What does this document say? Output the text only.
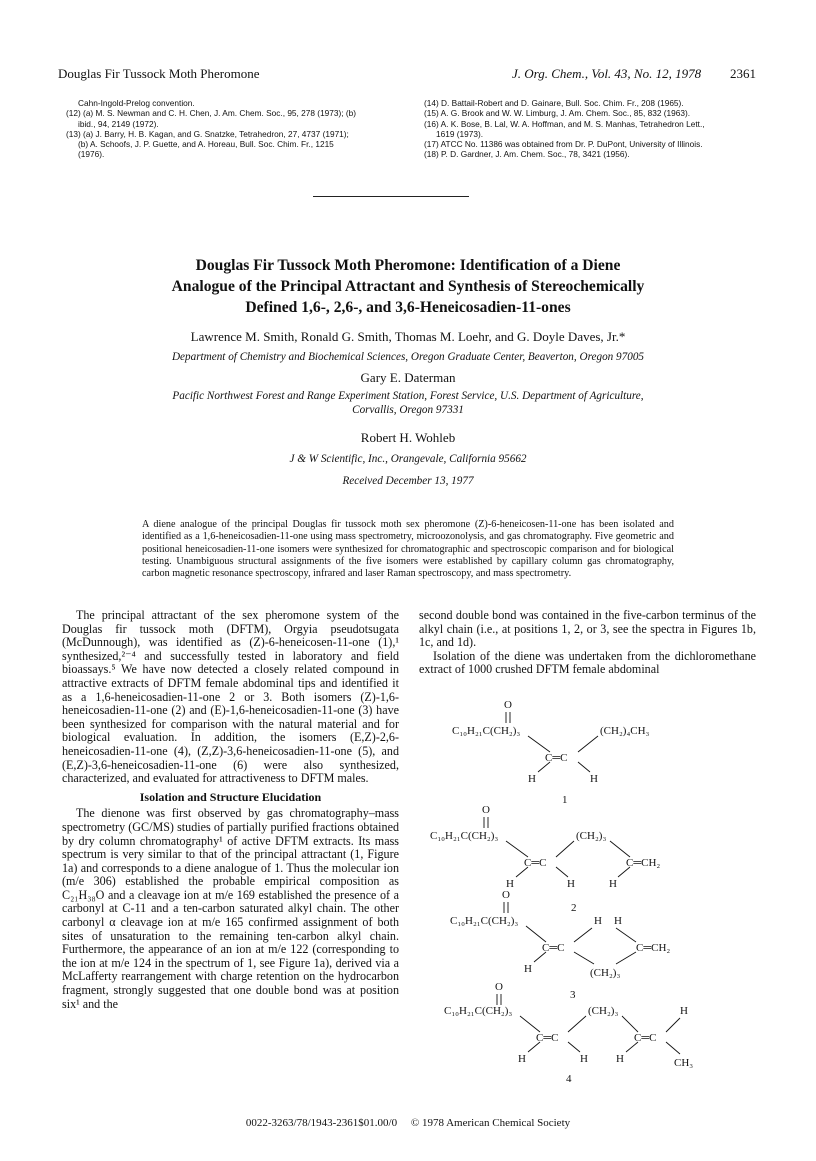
Douglas Fir Tussock Moth Pheromone	J. Org. Chem., Vol. 43, No. 12, 1978 2361
Cahn-Ingold-Prelog convention.
(12) (a) M. S. Newman and C. H. Chen, J. Am. Chem. Soc., 95, 278 (1973); (b)
ibid., 94, 2149 (1972).
(13) (a) J. Barry, H. B. Kagan, and G. Snatzke, Tetrahedron, 27, 4737 (1971);
(b) A. Schoofs, J. P. Guette, and A. Horeau, Bull. Soc. Chim. Fr., 1215
(1976).
(14) D. Battail-Robert and D. Gainare, Bull. Soc. Chim. Fr., 208 (1965).
(15) A. G. Brook and W. W. Limburg, J. Am. Chem. Soc., 85, 832 (1963).
(16) A. K. Bose, B. Lal, W. A. Hoffman, and M. S. Manhas, Tetrahedron Lett.,
1619 (1973).
(17) ATCC No. 11386 was obtained from Dr. P. DuPont, University of Illinois.
(18) P. D. Gardner, J. Am. Chem. Soc., 78, 3421 (1956).
Douglas Fir Tussock Moth Pheromone: Identification of a Diene
Analogue of the Principal Attractant and Synthesis of Stereochemically
Defined 1,6-, 2,6-, and 3,6-Heneicosadien-11-ones
Lawrence M. Smith, Ronald G. Smith, Thomas M. Loehr, and G. Doyle Daves, Jr.*
Department of Chemistry and Biochemical Sciences, Oregon Graduate Center, Beaverton, Oregon 97005
Gary E. Daterman
Pacific Northwest Forest and Range Experiment Station, Forest Service, U.S. Department of Agriculture,
Corvallis, Oregon 97331
Robert H. Wohleb
J & W Scientific, Inc., Orangevale, California 95662
Received December 13, 1977
A diene analogue of the principal Douglas fir tussock moth sex pheromone (Z)-6-heneicosen-11-one has been isolated and identified as a 1,6-heneicosadien-11-one using mass spectrometry, microozonolysis, and gas chromatography. Five geometric and positional heneicosadien-11-one isomers were synthesized for chromatographic and spectroscopic comparison and for biological testing. Unambiguous structural assignments of the five isomers were established by capillary column gas chromatography, carbon magnetic resonance spectroscopy, infrared and laser Raman spectroscopy, and mass spectrometry.

The principal attractant of the sex pheromone system of the Douglas fir tussock moth (DFTM), Orgyia pseudotsugata (McDunnough), was identified as (Z)-6-heneicosen-11-one (1),¹ synthesized,²⁻⁴ and successfully tested in laboratory and field bioassays.⁵ We have now detected a closely related compound in attractive extracts of DFTM female abdominal tips and identified it as a 1,6-heneicosadien-11-one 2 or 3. Both isomers (Z)-1,6-heneicosadien-11-one (2) and (E)-1,6-heneicosadien-11-one (3) have been synthesized for comparison with the natural material and for biological evaluation. In addition, the isomers (E,Z)-2,6-heneicosadien-11-one (4), (Z,Z)-3,6-heneicosadien-11-one (5), and (E,Z)-3,6-heneicosadien-11-one (6) were also synthesized, characterized, and evaluated for attractiveness to DFTM males.

Isolation and Structure Elucidation

The dienone was first observed by gas chromatography–mass spectrometry (GC/MS) studies of partially purified fractions obtained by dry column chromatography¹ of active DFTM extracts. Its mass spectrum is very similar to that of the principal attractant (1, Figure 1a) and corresponds to a diene analogue of 1. Thus the molecular ion (m/e 306) established the probable empirical composition as C₂₁H₃₈O and a cleavage ion at m/e 169 established the presence of a carbonyl at C-11 and a ten-carbon saturated alkyl chain. The other carbonyl α cleavage ion at m/e 165 confirmed assignment of both sites of unsaturation to the remaining ten-carbon alkyl chain. Furthermore, the appearance of an ion at m/e 122 (corresponding to the ion at m/e 124 in the spectrum of 1, see Figure 1a), derived via a McLafferty rearrangement with charge retention on the hydrocarbon fragment, strongly suggested that one double bond was at position six¹ and the

second double bond was contained in the five-carbon terminus of the alkyl chain (i.e., at positions 1, 2, or 3, see the spectra in Figures 1b, 1c, and 1d).

Isolation of the diene was undertaken from the dichloromethane extract of 1000 crushed DFTM female abdominal

O
C₁₀H₂₁C(CH₂)₃
C═C
(CH₂)₄CH₃
H	H
1
O
C₁₀H₂₁C(CH₂)₃
C═C
(CH₂)₃
C═CH₂
H	H	H
2
O
C₁₀H₂₁C(CH₂)₃
C═C
H H
C═CH₂
H	(CH₂)₃
3
O
C₁₀H₂₁C(CH₂)₃
C═C
(CH₂)₃
C═C
H
H	H	H	CH₃
4
0022-3263/78/1943-2361$01.00/0 © 1978 American Chemical Society
